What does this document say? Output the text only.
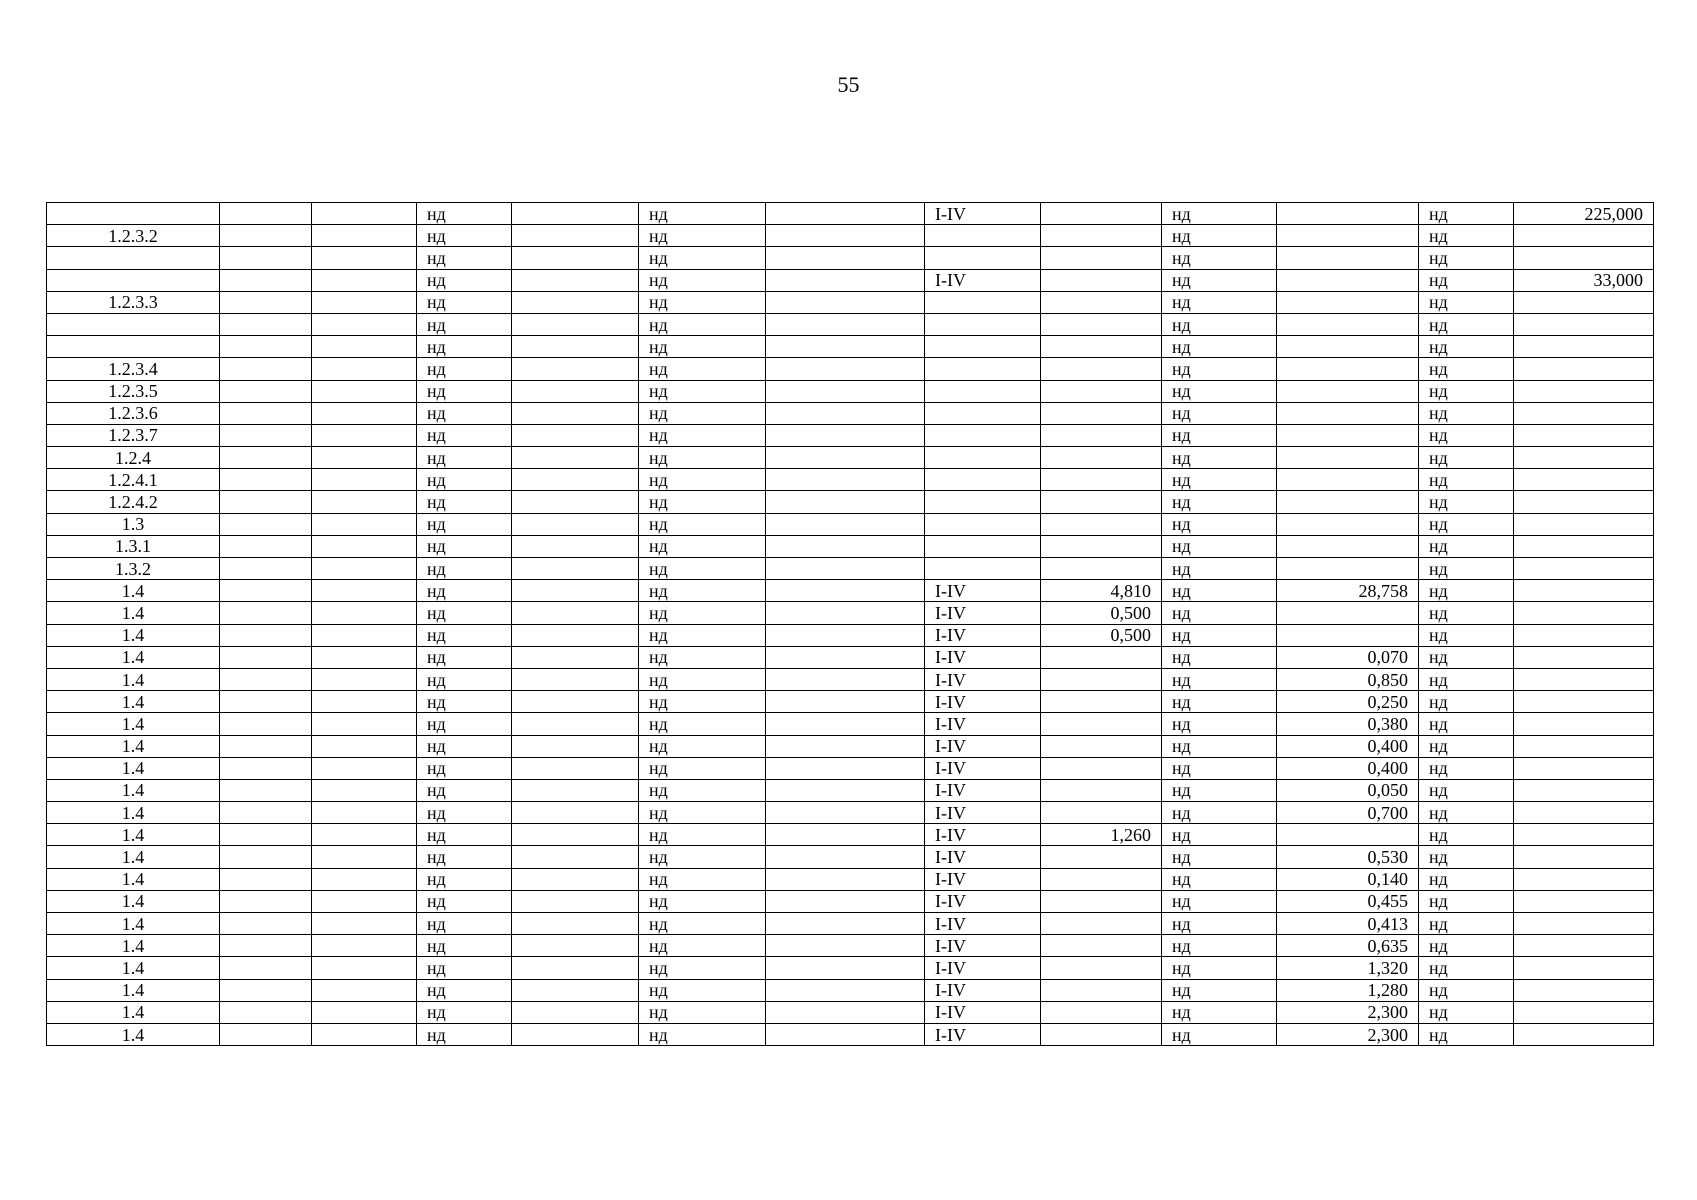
55
			нд		нд		I-IV		нд		нд	225,000
1.2.3.2			нд		нд				нд		нд	
			нд		нд				нд		нд	
			нд		нд		I-IV		нд		нд	33,000
1.2.3.3			нд		нд				нд		нд	
			нд		нд				нд		нд	
			нд		нд				нд		нд	
1.2.3.4			нд		нд				нд		нд	
1.2.3.5			нд		нд				нд		нд	
1.2.3.6			нд		нд				нд		нд	
1.2.3.7			нд		нд				нд		нд	
1.2.4			нд		нд				нд		нд	
1.2.4.1			нд		нд				нд		нд	
1.2.4.2			нд		нд				нд		нд	
1.3			нд		нд				нд		нд	
1.3.1			нд		нд				нд		нд	
1.3.2			нд		нд				нд		нд	
1.4			нд		нд		I-IV	4,810	нд	28,758	нд	
1.4			нд		нд		I-IV	0,500	нд		нд	
1.4			нд		нд		I-IV	0,500	нд		нд	
1.4			нд		нд		I-IV		нд	0,070	нд	
1.4			нд		нд		I-IV		нд	0,850	нд	
1.4			нд		нд		I-IV		нд	0,250	нд	
1.4			нд		нд		I-IV		нд	0,380	нд	
1.4			нд		нд		I-IV		нд	0,400	нд	
1.4			нд		нд		I-IV		нд	0,400	нд	
1.4			нд		нд		I-IV		нд	0,050	нд	
1.4			нд		нд		I-IV		нд	0,700	нд	
1.4			нд		нд		I-IV	1,260	нд		нд	
1.4			нд		нд		I-IV		нд	0,530	нд	
1.4			нд		нд		I-IV		нд	0,140	нд	
1.4			нд		нд		I-IV		нд	0,455	нд	
1.4			нд		нд		I-IV		нд	0,413	нд	
1.4			нд		нд		I-IV		нд	0,635	нд	
1.4			нд		нд		I-IV		нд	1,320	нд	
1.4			нд		нд		I-IV		нд	1,280	нд	
1.4			нд		нд		I-IV		нд	2,300	нд	
1.4			нд		нд		I-IV		нд	2,300	нд	
